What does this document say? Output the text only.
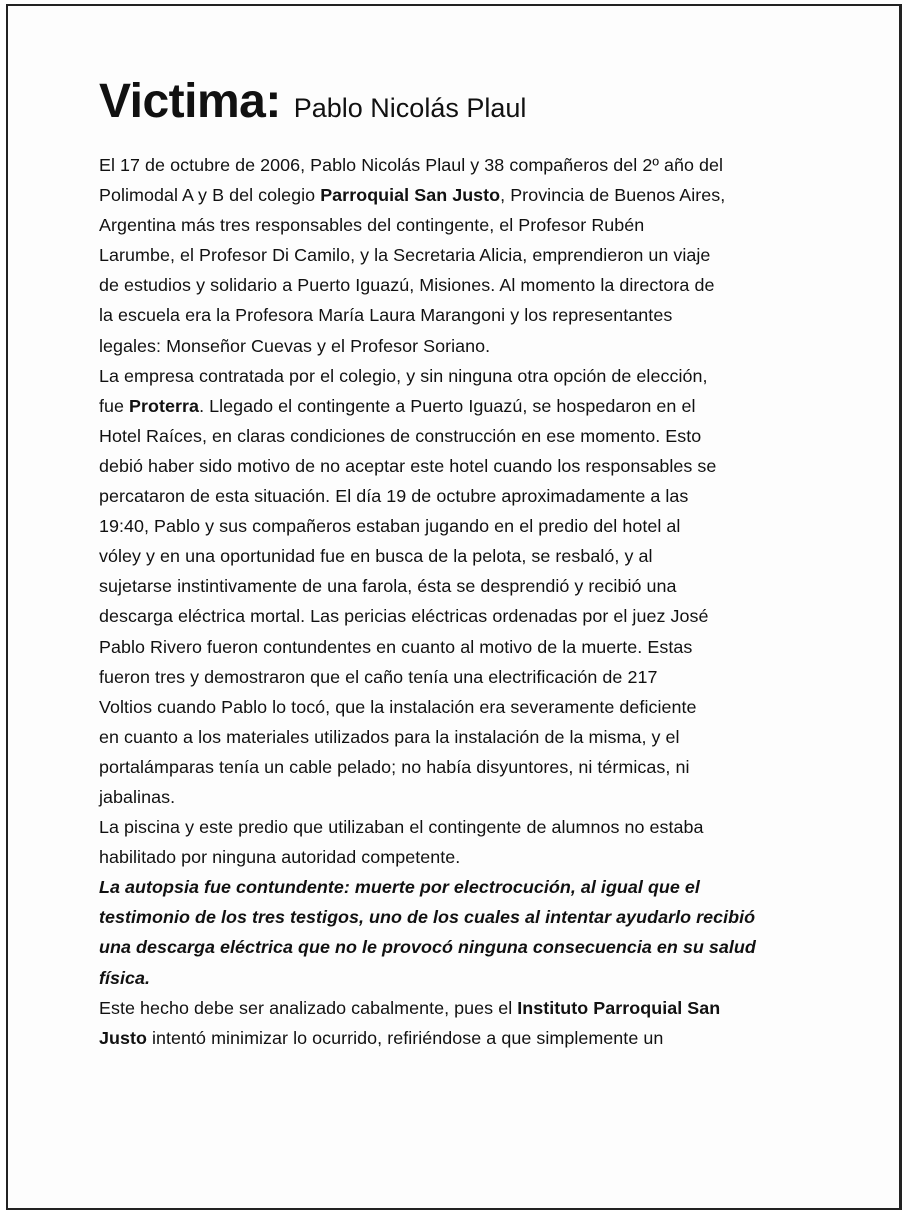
Victima: Pablo Nicolás Plaul

El 17 de octubre de 2006, Pablo Nicolás Plaul y 38 compañeros del 2º año del
Polimodal A y B del colegio Parroquial San Justo, Provincia de Buenos Aires,
Argentina más tres responsables del contingente, el Profesor Rubén
Larumbe, el Profesor Di Camilo, y la Secretaria Alicia, emprendieron un viaje
de estudios y solidario a Puerto Iguazú, Misiones. Al momento la directora de
la escuela era la Profesora María Laura Marangoni y los representantes
legales: Monseñor Cuevas y el Profesor Soriano.

La empresa contratada por el colegio, y sin ninguna otra opción de elección,
fue Proterra. Llegado el contingente a Puerto Iguazú, se hospedaron en el
Hotel Raíces, en claras condiciones de construcción en ese momento. Esto
debió haber sido motivo de no aceptar este hotel cuando los responsables se
percataron de esta situación. El día 19 de octubre aproximadamente a las
19:40, Pablo y sus compañeros estaban jugando en el predio del hotel al
vóley y en una oportunidad fue en busca de la pelota, se resbaló, y al
sujetarse instintivamente de una farola, ésta se desprendió y recibió una
descarga eléctrica mortal. Las pericias eléctricas ordenadas por el juez José
Pablo Rivero fueron contundentes en cuanto al motivo de la muerte. Estas
fueron tres y demostraron que el caño tenía una electrificación de 217
Voltios cuando Pablo lo tocó, que la instalación era severamente deficiente
en cuanto a los materiales utilizados para la instalación de la misma, y el
portalámparas tenía un cable pelado; no había disyuntores, ni térmicas, ni
jabalinas.

La piscina y este predio que utilizaban el contingente de alumnos no estaba
habilitado por ninguna autoridad competente.

La autopsia fue contundente: muerte por electrocución, al igual que el
testimonio de los tres testigos, uno de los cuales al intentar ayudarlo recibió
una descarga eléctrica que no le provocó ninguna consecuencia en su salud
física.

Este hecho debe ser analizado cabalmente, pues el Instituto Parroquial San
Justo intentó minimizar lo ocurrido, refiriéndose a que simplemente un
